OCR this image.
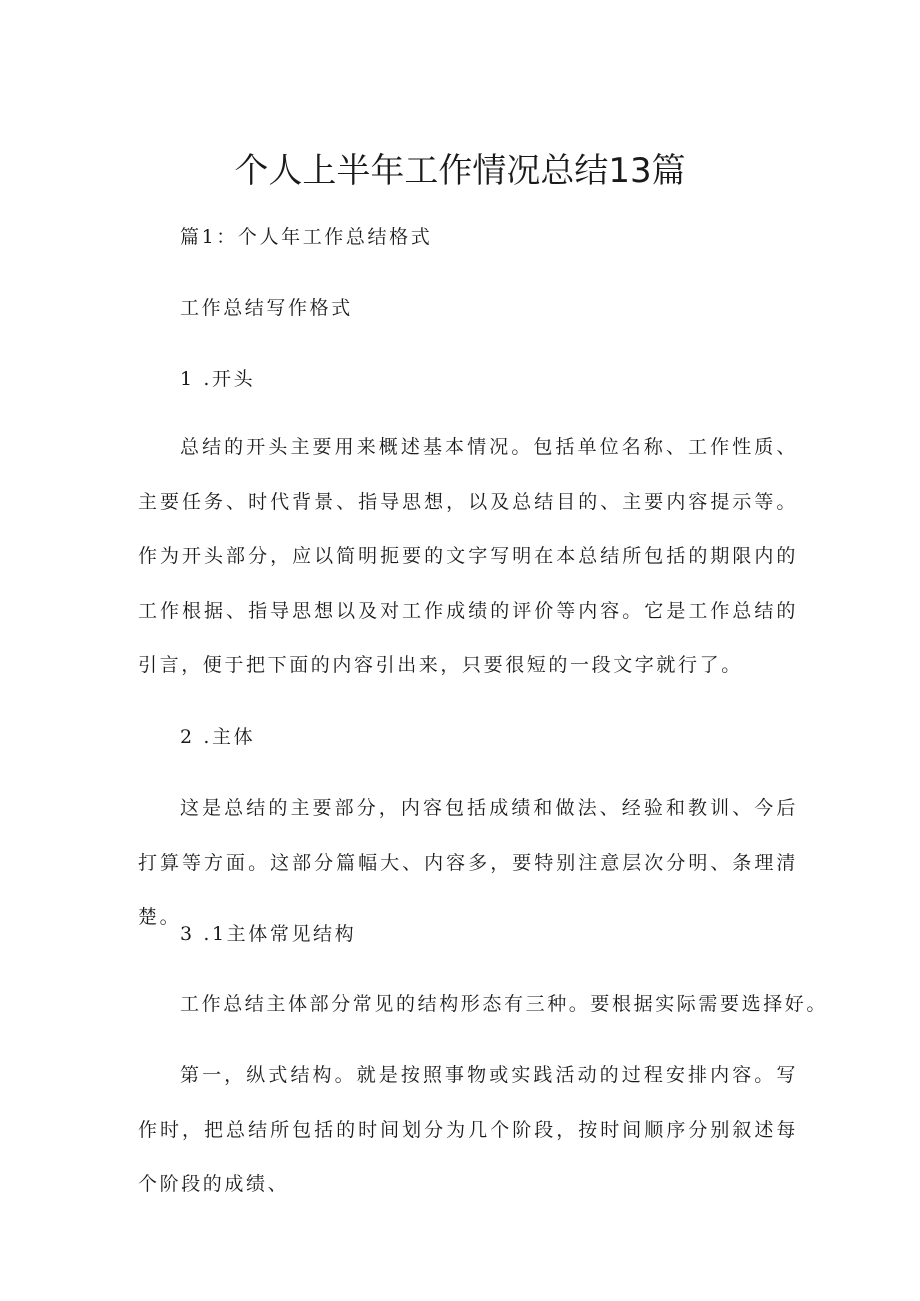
个人上半年工作情况总结13篇

篇1：个人年工作总结格式

工作总结写作格式

1 .开头

总结的开头主要用来概述基本情况。包括单位名称、工作性质、主要任务、时代背景、指导思想，以及总结目的、主要内容提示等。作为开头部分，应以简明扼要的文字写明在本总结所包括的期限内的工作根据、指导思想以及对工作成绩的评价等内容。它是工作总结的引言，便于把下面的内容引出来，只要很短的一段文字就行了。

2 .主体

这是总结的主要部分，内容包括成绩和做法、经验和教训、今后打算等方面。这部分篇幅大、内容多，要特别注意层次分明、条理清楚。

3 .1主体常见结构

工作总结主体部分常见的结构形态有三种。要根据实际需要选择好。

第一，纵式结构。就是按照事物或实践活动的过程安排内容。写作时，把总结所包括的时间划分为几个阶段，按时间顺序分别叙述每个阶段的成绩、
